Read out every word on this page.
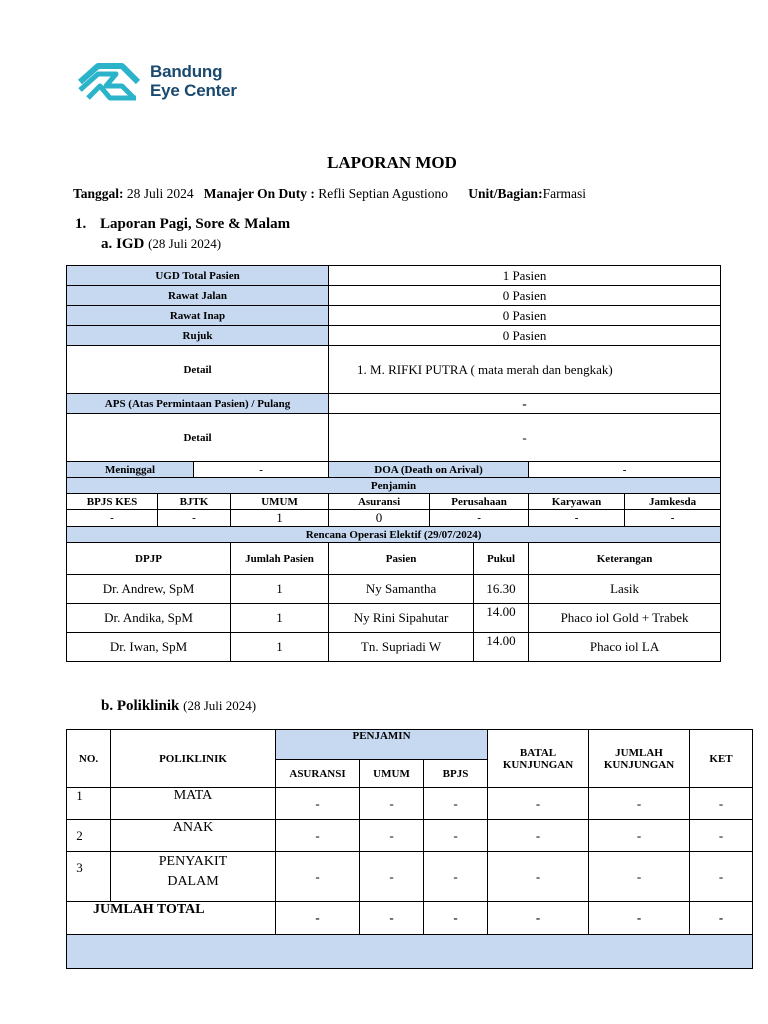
Bandung
Eye Center
LAPORAN MOD
Tanggal: 28 Juli 2024 Manajer On Duty : Refli Septian Agustiono Unit/Bagian:Farmasi
1. Laporan Pagi, Sore & Malam
a. IGD (28 Juli 2024)
UGD Total Pasien				1 Pasien				
Rawat Jalan				0 Pasien				
Rawat Inap				0 Pasien				
Rujuk				0 Pasien				
Detail				1. M. RIFKI PUTRA ( mata merah dan bengkak)				
APS (Atas Permintaan Pasien) / Pulang				-				
Detail				-				
Meninggal		-		DOA (Death on Arival)			-	
Penjamin								
BPJS KES	BJTK		UMUM	Asuransi	Perusahaan		Karyawan	Jamkesda
-	-		1	0	-		-	-
Rencana Operasi Elektif (29/07/2024)								
DPJP			Jumlah Pasien	Pasien		Pukul	Keterangan	
Dr. Andrew, SpM			1	Ny Samantha		16.30	Lasik	
Dr. Andika, SpM			1	Ny Rini Sipahutar		14.00	Phaco iol Gold + Trabek	
Dr. Iwan, SpM			1	Tn. Supriadi W		14.00	Phaco iol LA	
b. Poliklinik (28 Juli 2024)
NO.	POLIKLINIK	PENJAMIN			BATAL KUNJUNGAN	JUMLAH KUNJUNGAN	KET
		ASURANSI	UMUM	BPJS			
1	MATA	-	-	-	-	-	-
2	ANAK	-	-	-	-	-	-
3	PENYAKIT DALAM	-	-	-	-	-	-
JUMLAH TOTAL		-	-	-	-	-	-
